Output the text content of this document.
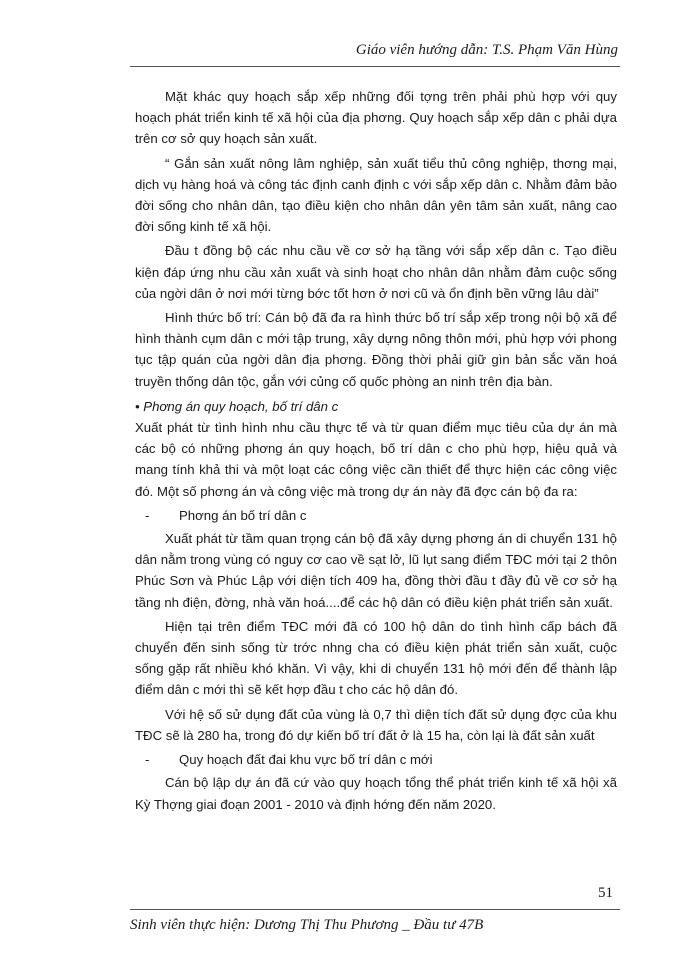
Giáo viên hướng dẫn: T.S. Phạm Văn Hùng

Mặt khác quy hoạch sắp xếp những đối tợng trên phải phù hợp với quy hoạch phát triển kinh tế xã hội của địa phơng. Quy hoạch sắp xếp dân c phải dựa trên cơ sở quy hoạch sản xuất.

“ Gắn sản xuất nông lâm nghiệp, sản xuất tiểu thủ công nghiệp, thơng mại, dịch vụ hàng hoá và công tác định canh định c với sắp xếp dân c. Nhằm đảm bảo đời sống cho nhân dân, tạo điều kiện cho nhân dân yên tâm sản xuất, nâng cao đời sống kinh tế xã hội.

Đầu t đồng bộ các nhu cầu về cơ sở hạ tầng với sắp xếp dân c. Tạo điều kiện đáp ứng nhu cầu xản xuất và sinh hoạt cho nhân dân nhằm đảm cuộc sống của ngời dân ở nơi mới từng bớc tốt hơn ở nơi cũ và ổn định bền vững lâu dài”

Hình thức bố trí: Cán bộ đã đa ra hình thức bố trí sắp xếp trong nội bộ xã để hình thành cụm dân c mới tập trung, xây dựng nông thôn mới, phù hợp với phong tục tập quán của ngời dân địa phơng. Đồng thời phải giữ gìn bản sắc văn hoá truyền thống dân tộc, gắn với củng cố quốc phòng an ninh trên địa bàn.

• Phơng án quy hoạch, bố trí dân c

Xuất phát từ tình hình nhu cầu thực tế và từ quan điểm mục tiêu của dự án mà các bộ có những phơng án quy hoạch, bố trí dân c cho phù hợp, hiệu quả và mang tính khả thi và một loạt các công việc cần thiết để thực hiện các công việc đó. Một số phơng án và công việc mà trong dự án này đã đợc cán bộ đa ra:

- Phơng án bố trí dân c

Xuất phát từ tầm quan trọng cán bộ đã xây dựng phơng án di chuyển 131 hộ dân nằm trong vùng có nguy cơ cao về sạt lở, lũ lụt sang điểm TĐC mới tại 2 thôn Phúc Sơn và Phúc Lập với diện tích 409 ha, đồng thời đầu t đầy đủ về cơ sở hạ tầng nh điện, đờng, nhà văn hoá....để các hộ dân có điều kiện phát triển sản xuất.

Hiện tại trên điểm TĐC mới đã có 100 hộ dân do tình hình cấp bách đã chuyển đến sinh sống từ trớc nhng cha có điều kiện phát triển sản xuất, cuộc sống gặp rất nhiều khó khăn. Vì vậy, khi di chuyển 131 hộ mới đến để thành lập điểm dân c mới thì sẽ kết hợp đầu t cho các hộ dân đó.

Với hệ số sử dụng đất của vùng là 0,7 thì diện tích đất sử dụng đợc của khu TĐC sẽ là 280 ha, trong đó dự kiến bố trí đất ở là 15 ha, còn lại là đất sản xuất

- Quy hoạch đất đai khu vực bố trí dân c mới

Cán bộ lập dự án đã cứ vào quy hoạch tổng thể phát triển kinh tế xã hội xã Kỳ Thợng giai đoạn 2001 - 2010 và định hớng đến năm 2020.

51
Sinh viên thực hiện: Dương Thị Thu Phương _ Đầu tư 47B
